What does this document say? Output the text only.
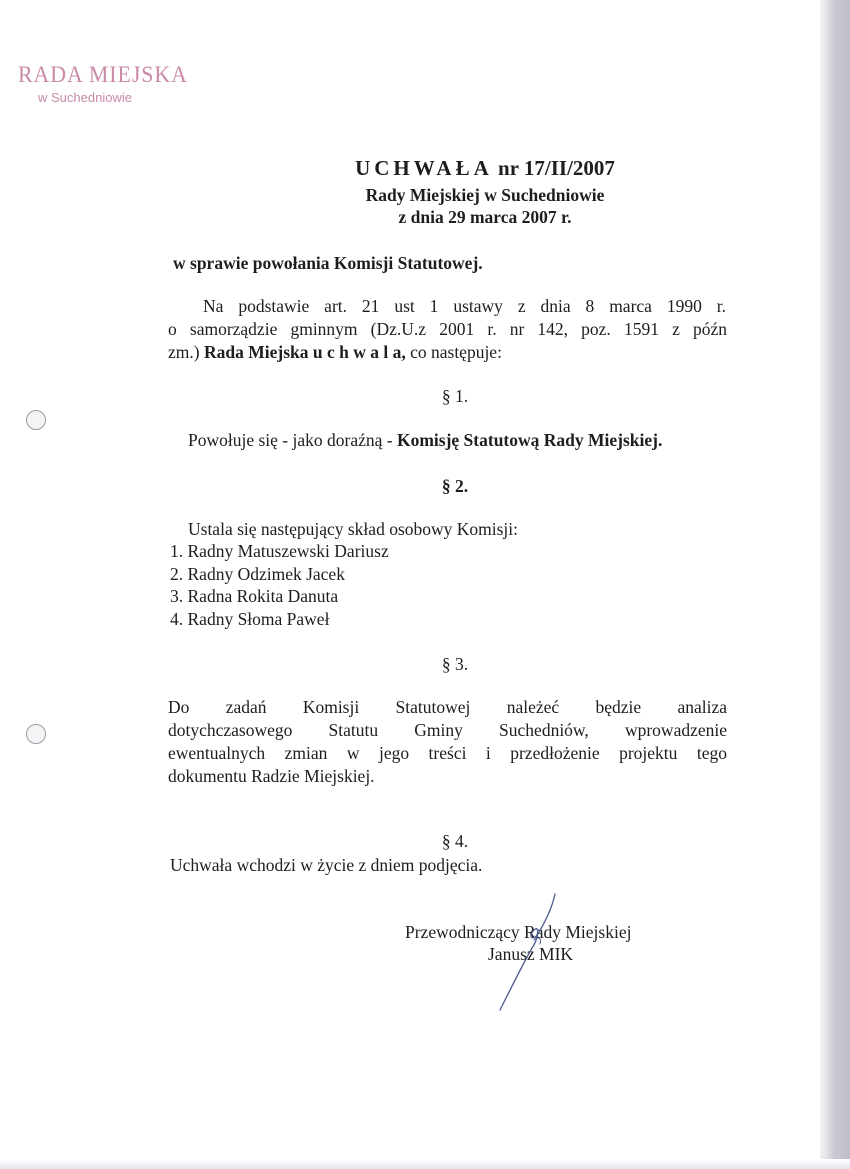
RADA MIEJSKA
w Suchedniowie
UCHWAŁA nr 17/II/2007
Rady Miejskiej w Suchedniowie
z dnia 29 marca 2007 r.
w sprawie powołania Komisji Statutowej.
Na podstawie art. 21 ust 1 ustawy z dnia 8 marca 1990 r.
o samorządzie gminnym (Dz.U.z 2001 r. nr 142, poz. 1591 z późn
zm.) Rada Miejska u c h w a l a, co następuje:
§ 1.
Powołuje się - jako doraźną - Komisję Statutową Rady Miejskiej.
§ 2.
Ustala się następujący skład osobowy Komisji:
1. Radny Matuszewski Dariusz
2. Radny Odzimek Jacek
3. Radna Rokita Danuta
4. Radny Słoma Paweł
§ 3.
Do zadań Komisji Statutowej należeć będzie analiza
dotychczasowego Statutu Gminy Suchedniów, wprowadzenie
ewentualnych zmian w jego treści i przedłożenie projektu tego
dokumentu Radzie Miejskiej.
§ 4.
Uchwała wchodzi w życie z dniem podjęcia.
Przewodniczący Rady Miejskiej
Janusz MIK
